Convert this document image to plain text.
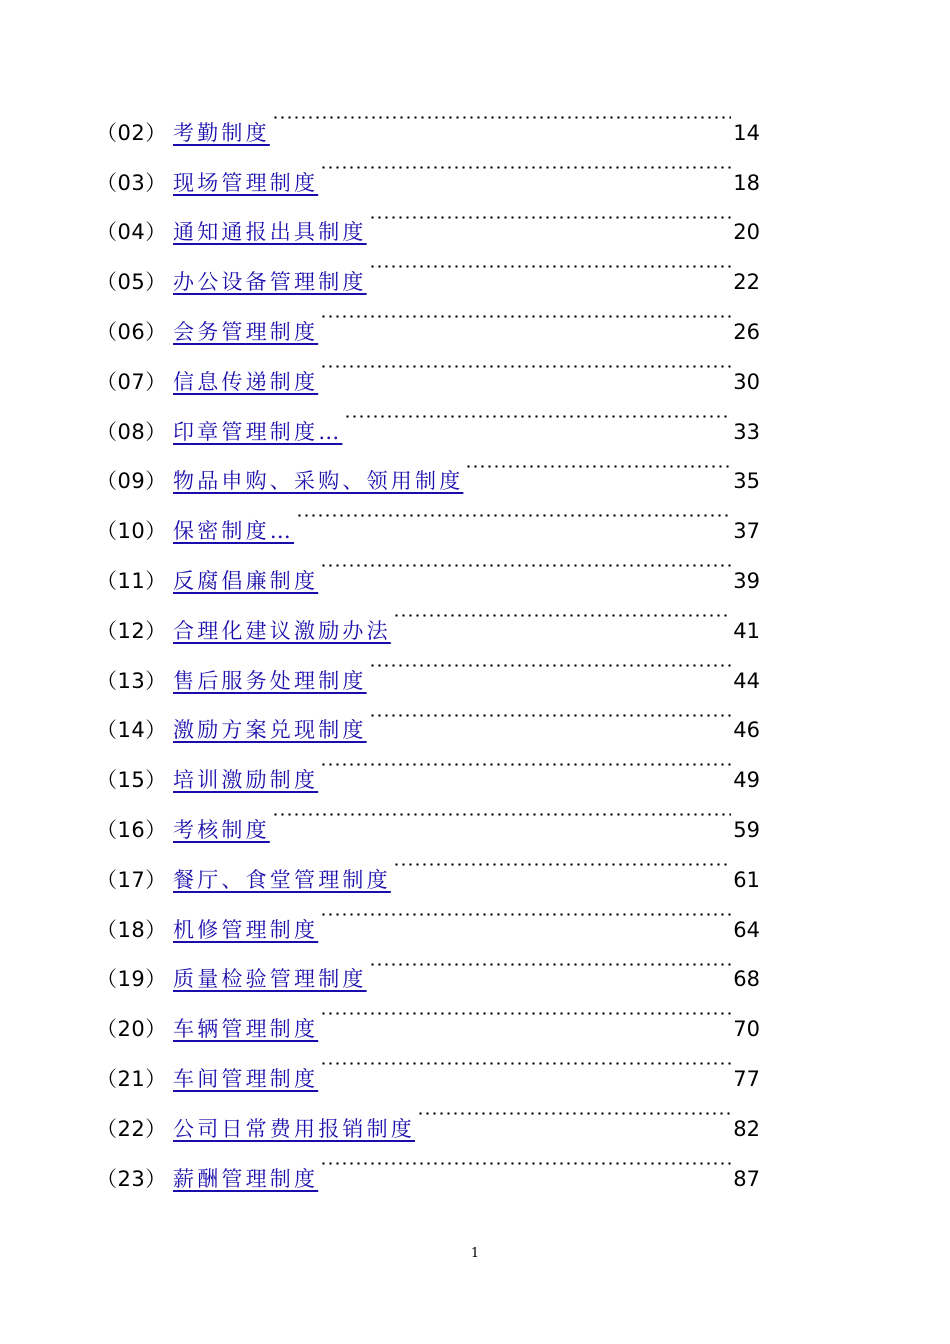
（02） 考勤制度	14
（03） 现场管理制度	18
（04） 通知通报出具制度	20
（05） 办公设备管理制度	22
（06） 会务管理制度	26
（07） 信息传递制度	30
（08） 印章管理制度…	33
（09） 物品申购、采购、领用制度	35
（10） 保密制度…	37
（11） 反腐倡廉制度	39
（12） 合理化建议激励办法	41
（13） 售后服务处理制度	44
（14） 激励方案兑现制度	46
（15） 培训激励制度	49
（16） 考核制度	59
（17） 餐厅、食堂管理制度	61
（18） 机修管理制度	64
（19） 质量检验管理制度	68
（20） 车辆管理制度	70
（21） 车间管理制度	77
（22） 公司日常费用报销制度	82
（23） 薪酬管理制度	87
1
